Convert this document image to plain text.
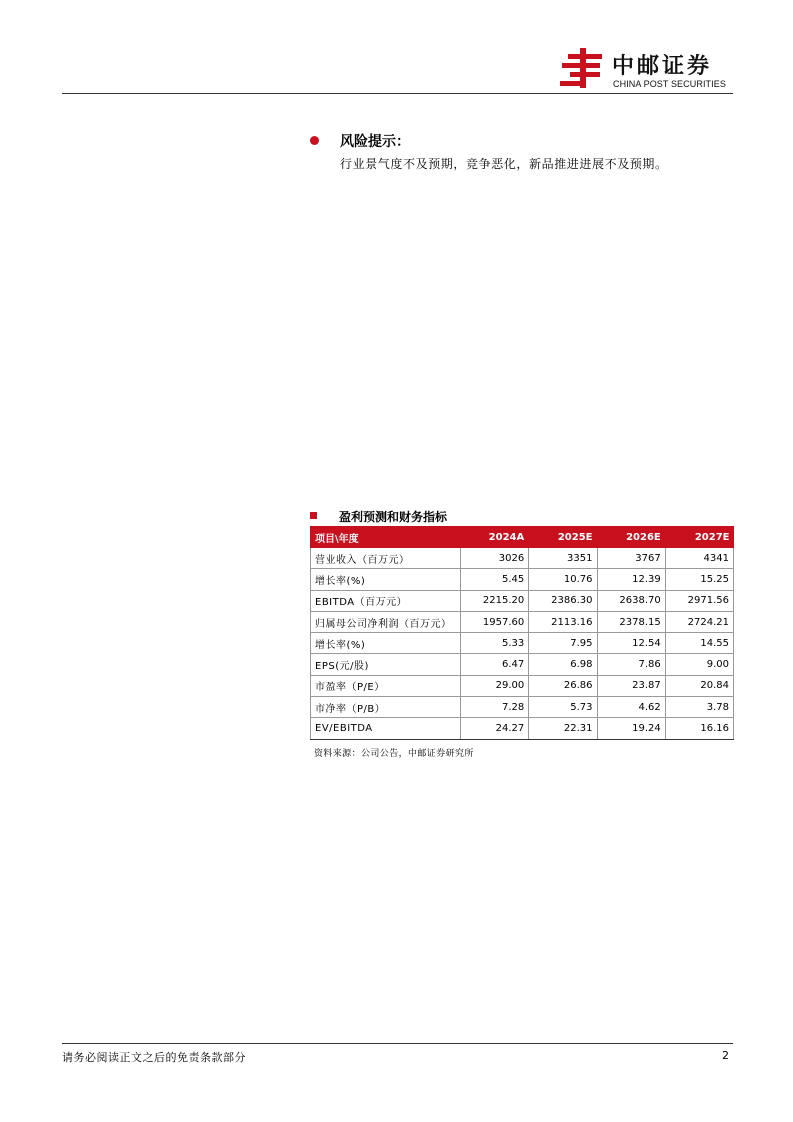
中邮证券
CHINA POST SECURITIES
风险提示：
行业景气度不及预期，竞争恶化，新品推进进展不及预期。
盈利预测和财务指标
项目\年度	2024A	2025E	2026E	2027E
营业收入（百万元）	3026	3351	3767	4341
增长率(%)	5.45	10.76	12.39	15.25
EBITDA（百万元）	2215.20	2386.30	2638.70	2971.56
归属母公司净利润（百万元）	1957.60	2113.16	2378.15	2724.21
增长率(%)	5.33	7.95	12.54	14.55
EPS(元/股)	6.47	6.98	7.86	9.00
市盈率（P/E）	29.00	26.86	23.87	20.84
市净率（P/B）	7.28	5.73	4.62	3.78
EV/EBITDA	24.27	22.31	19.24	16.16
资料来源：公司公告，中邮证券研究所
请务必阅读正文之后的免责条款部分	2
